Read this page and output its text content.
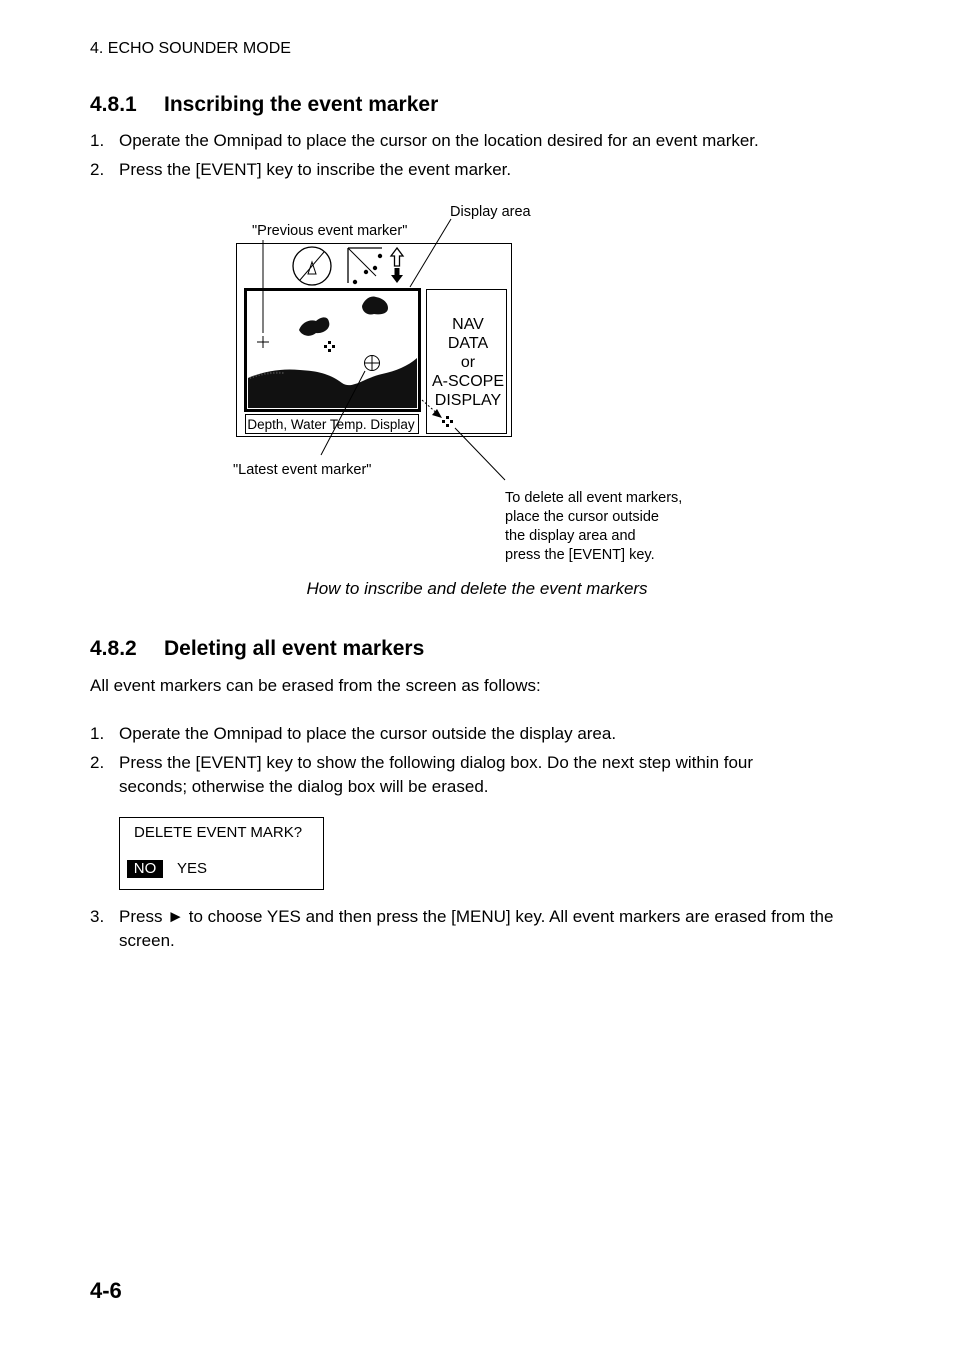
4. ECHO SOUNDER MODE
4.8.1 Inscribing the event marker
1. Operate the Omnipad to place the cursor on the location desired for an event marker.
2. Press the [EVENT] key to inscribe the event marker.
NAV
DATA
or
A-SCOPE
DISPLAY
Depth, Water Temp. Display
Display area
"Previous event marker"
"Latest event marker"
To delete all event markers,
place the cursor outside
the display area and
press the [EVENT] key.
How to inscribe and delete the event markers
4.8.2 Deleting all event markers
All event markers can be erased from the screen as follows:
1. Operate the Omnipad to place the cursor outside the display area.
2. Press the [EVENT] key to show the following dialog box. Do the next step within four seconds; otherwise the dialog box will be erased.
DELETE EVENT MARK?
NO	YES
3. Press ► to choose YES and then press the [MENU] key. All event markers are erased from the screen.
4-6
